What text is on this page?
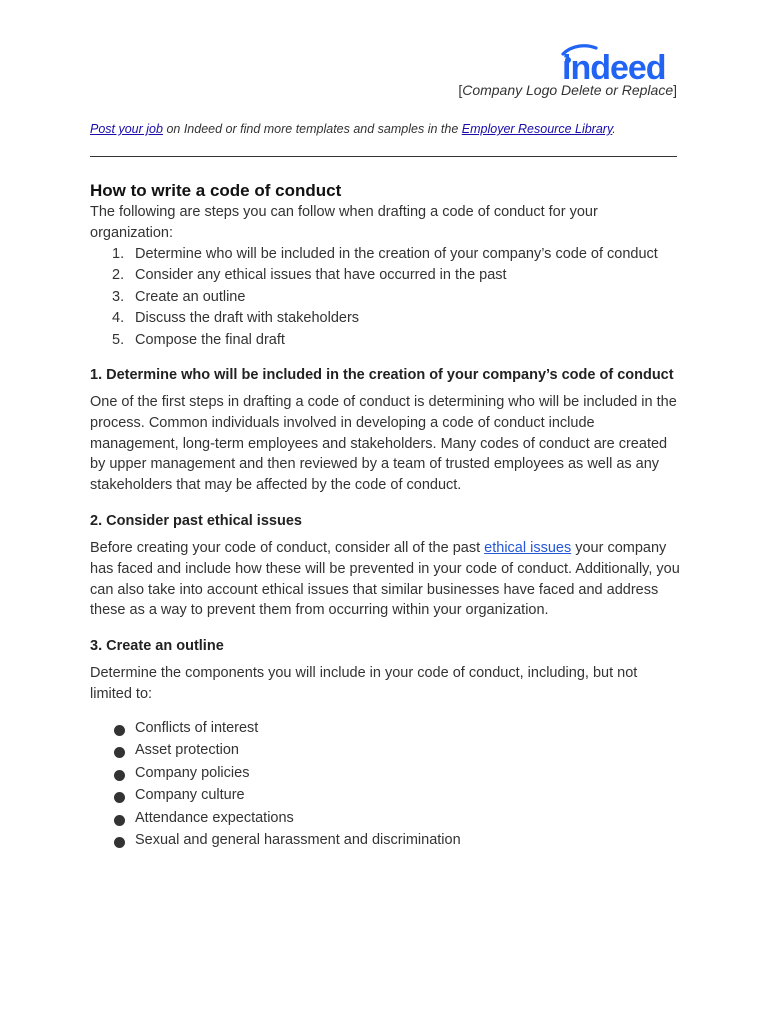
indeed
[Company Logo Delete or Replace]
Post your job on Indeed or find more templates and samples in the Employer Resource Library.
How to write a code of conduct

The following are steps you can follow when drafting a code of conduct for your organization:

1. Determine who will be included in the creation of your company’s code of conduct
2. Consider any ethical issues that have occurred in the past
3. Create an outline
4. Discuss the draft with stakeholders
5. Compose the final draft
1. Determine who will be included in the creation of your company’s code of conduct

One of the first steps in drafting a code of conduct is determining who will be included in the process. Common individuals involved in developing a code of conduct include management, long-term employees and stakeholders. Many codes of conduct are created by upper management and then reviewed by a team of trusted employees as well as any stakeholders that may be affected by the code of conduct.

2. Consider past ethical issues

Before creating your code of conduct, consider all of the past ethical issues your company has faced and include how these will be prevented in your code of conduct. Additionally, you can also take into account ethical issues that similar businesses have faced and address these as a way to prevent them from occurring within your organization.

3. Create an outline

Determine the components you will include in your code of conduct, including, but not limited to:

Conflicts of interest
Asset protection
Company policies
Company culture
Attendance expectations
Sexual and general harassment and discrimination
